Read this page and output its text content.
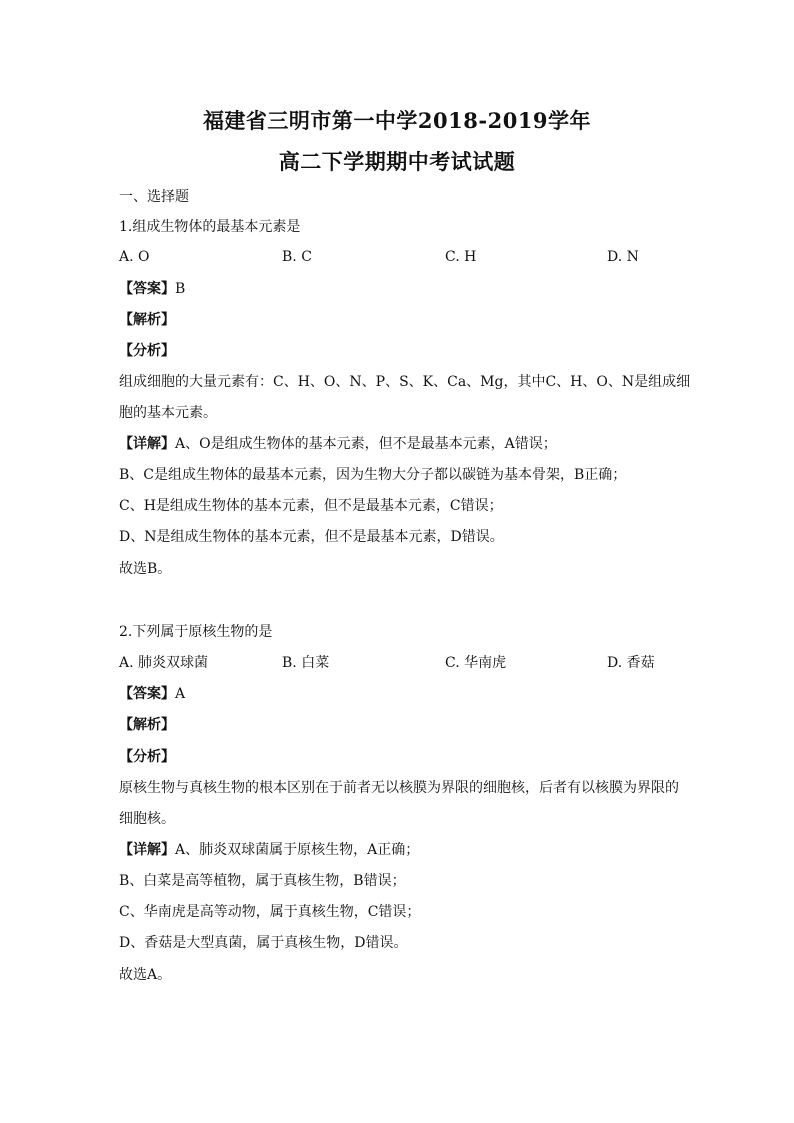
福建省三明市第一中学2018-2019学年
高二下学期期中考试试题
一、选择题
1.组成生物体的最基本元素是
A. O	B. C	C. H	D. N
【答案】B
【解析】
【分析】
组成细胞的大量元素有：C、H、O、N、P、S、K、Ca、Mg，其中C、H、O、N是组成细
胞的基本元素。
【详解】A、O是组成生物体的基本元素，但不是最基本元素，A错误；
B、C是组成生物体的最基本元素，因为生物大分子都以碳链为基本骨架，B正确；
C、H是组成生物体的基本元素，但不是最基本元素，C错误；
D、N是组成生物体的基本元素，但不是最基本元素，D错误。
故选B。
2.下列属于原核生物的是
A. 肺炎双球菌	B. 白菜	C. 华南虎	D. 香菇
【答案】A
【解析】
【分析】
原核生物与真核生物的根本区别在于前者无以核膜为界限的细胞核，后者有以核膜为界限的
细胞核。
【详解】A、肺炎双球菌属于原核生物，A正确；
B、白菜是高等植物，属于真核生物，B错误；
C、华南虎是高等动物，属于真核生物，C错误；
D、香菇是大型真菌，属于真核生物，D错误。
故选A。
